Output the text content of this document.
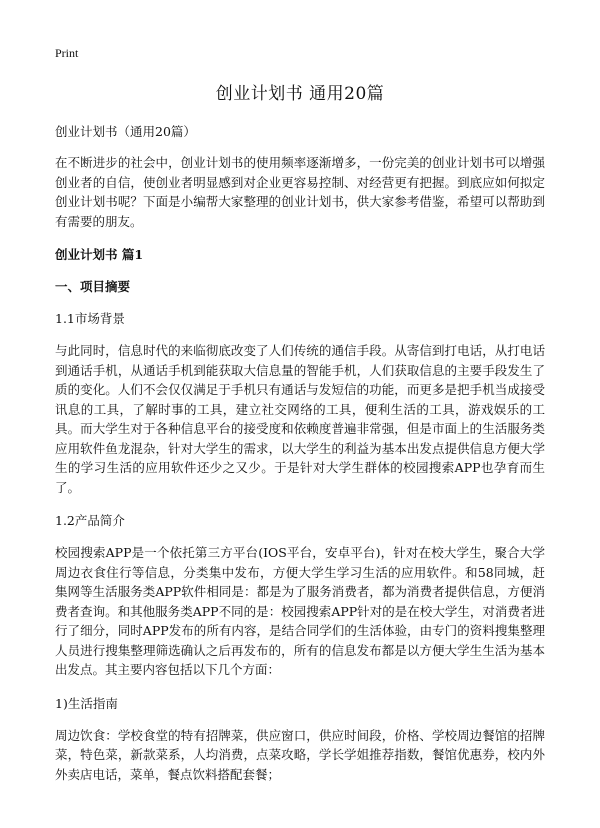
Print
创业计划书 通用20篇
创业计划书（通用20篇）

在不断进步的社会中，创业计划书的使用频率逐渐增多，一份完美的创业计划书可以增强创业者的自信，使创业者明显感到对企业更容易控制、对经营更有把握。到底应如何拟定创业计划书呢？下面是小编帮大家整理的创业计划书，供大家参考借鉴，希望可以帮助到有需要的朋友。

创业计划书 篇1
一、项目摘要
1.1市场背景

与此同时，信息时代的来临彻底改变了人们传统的通信手段。从寄信到打电话，从打电话到通话手机，从通话手机到能获取大信息量的智能手机，人们获取信息的主要手段发生了质的变化。人们不会仅仅满足于手机只有通话与发短信的功能，而更多是把手机当成接受讯息的工具，了解时事的工具，建立社交网络的工具，便利生活的工具，游戏娱乐的工具。而大学生对于各种信息平台的接受度和依赖度普遍非常强，但是市面上的生活服务类应用软件鱼龙混杂，针对大学生的需求，以大学生的利益为基本出发点提供信息方便大学生的学习生活的应用软件还少之又少。于是针对大学生群体的校园搜索APP也孕育而生了。

1.2产品简介

校园搜索APP是一个依托第三方平台(IOS平台，安卓平台)，针对在校大学生，聚合大学周边衣食住行等信息，分类集中发布，方便大学生学习生活的应用软件。和58同城，赶集网等生活服务类APP软件相同是：都是为了服务消费者，都为消费者提供信息，方便消费者查询。和其他服务类APP不同的是：校园搜索APP针对的是在校大学生，对消费者进行了细分，同时APP发布的所有内容，是结合同学们的生活体验，由专门的资料搜集整理人员进行搜集整理筛选确认之后再发布的，所有的信息发布都是以方便大学生生活为基本出发点。其主要内容包括以下几个方面：

1)生活指南

周边饮食：学校食堂的特有招牌菜，供应窗口，供应时间段，价格、学校周边餐馆的招牌菜，特色菜，新款菜系，人均消费，点菜攻略，学长学姐推荐指数，餐馆优惠券，校内外外卖店电话，菜单，餐点饮料搭配套餐；
